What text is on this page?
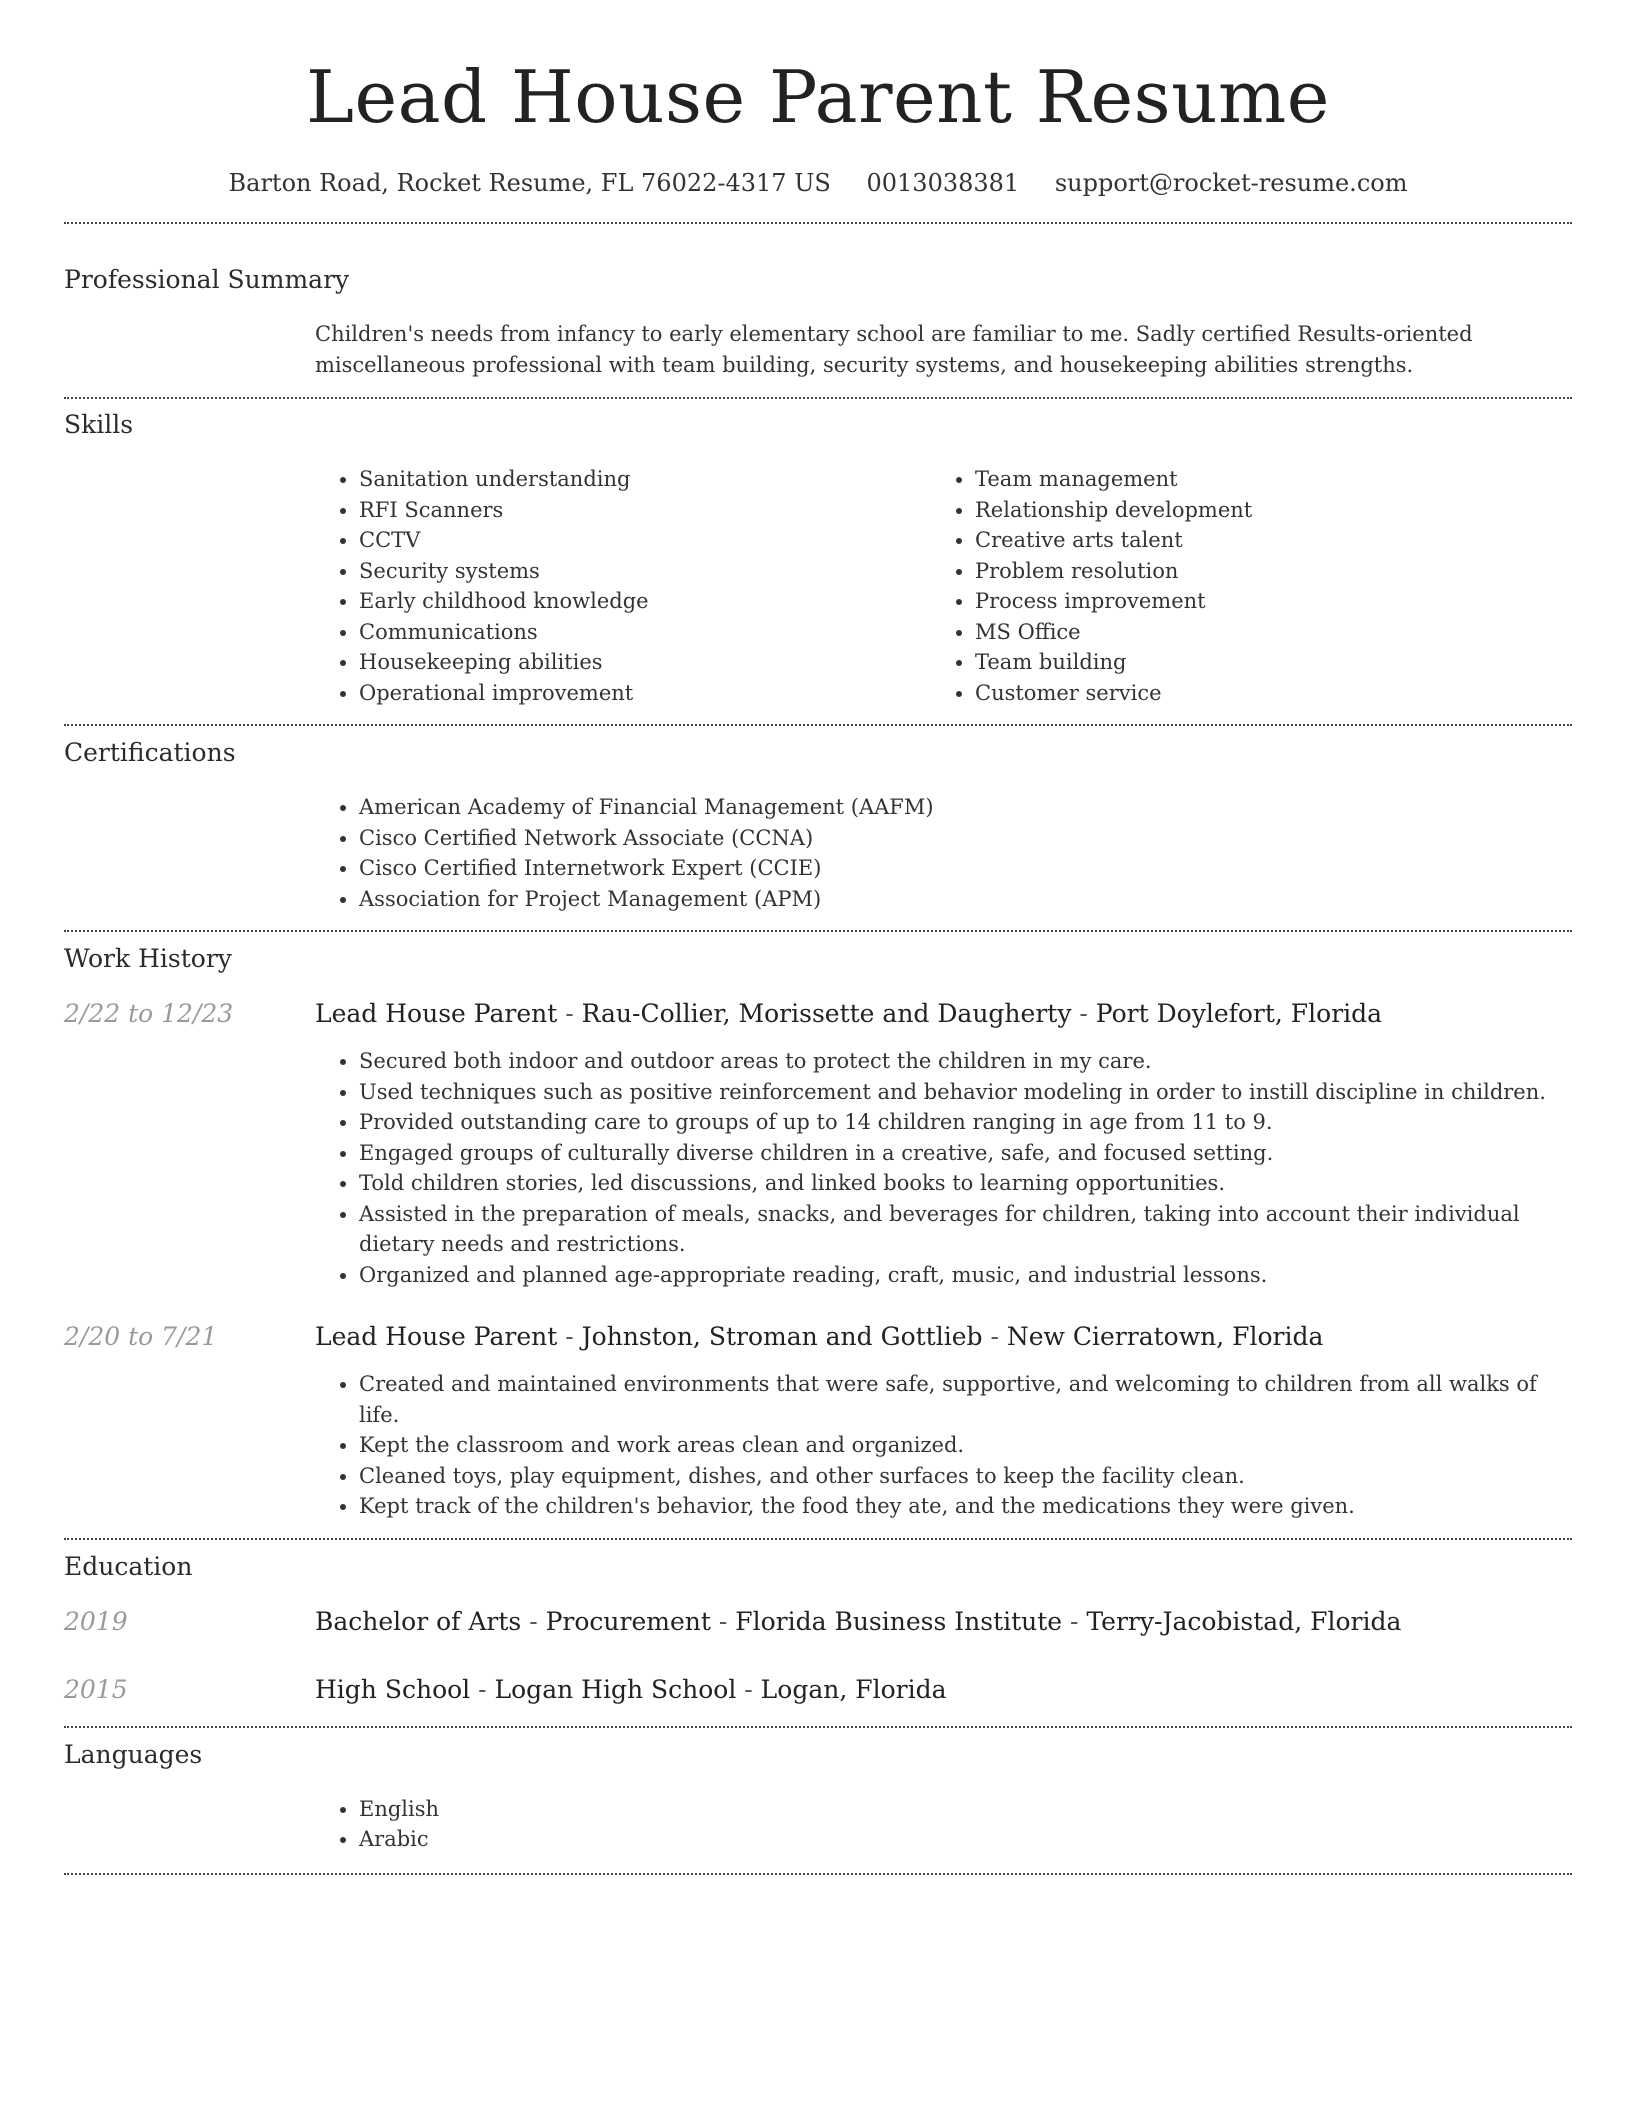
Lead House Parent Resume
Barton Road, Rocket Resume, FL 76022-4317 US 0013038381 support@rocket-resume.com
Professional Summary

Children's needs from infancy to early elementary school are familiar to me. Sadly certified Results-oriented miscellaneous professional with team building, security systems, and housekeeping abilities strengths.

Skills
• Sanitation understanding
• RFI Scanners
• CCTV
• Security systems
• Early childhood knowledge
• Communications
• Housekeeping abilities
• Operational improvement
• Team management
• Relationship development
• Creative arts talent
• Problem resolution
• Process improvement
• MS Office
• Team building
• Customer service
Certifications
• American Academy of Financial Management (AAFM)
• Cisco Certified Network Associate (CCNA)
• Cisco Certified Internetwork Expert (CCIE)
• Association for Project Management (APM)
Work History
2/22 to 12/23	Lead House Parent - Rau-Collier, Morissette and Daugherty - Port Doylefort, Florida
• Secured both indoor and outdoor areas to protect the children in my care.
• Used techniques such as positive reinforcement and behavior modeling in order to instill discipline in children.
• Provided outstanding care to groups of up to 14 children ranging in age from 11 to 9.
• Engaged groups of culturally diverse children in a creative, safe, and focused setting.
• Told children stories, led discussions, and linked books to learning opportunities.
• Assisted in the preparation of meals, snacks, and beverages for children, taking into account their individual dietary needs and restrictions.
• Organized and planned age-appropriate reading, craft, music, and industrial lessons.
2/20 to 7/21	Lead House Parent - Johnston, Stroman and Gottlieb - New Cierratown, Florida
• Created and maintained environments that were safe, supportive, and welcoming to children from all walks of life.
• Kept the classroom and work areas clean and organized.
• Cleaned toys, play equipment, dishes, and other surfaces to keep the facility clean.
• Kept track of the children's behavior, the food they ate, and the medications they were given.
Education
2019	Bachelor of Arts - Procurement - Florida Business Institute - Terry-Jacobistad, Florida
2015	High School - Logan High School - Logan, Florida
Languages
• English
• Arabic
